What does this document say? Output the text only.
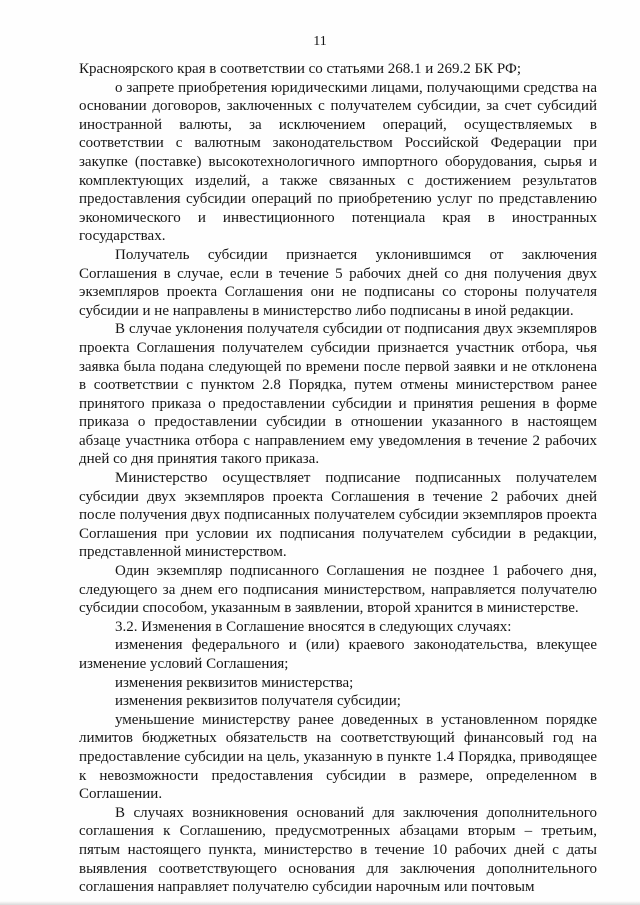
11

Красноярского края в соответствии со статьями 268.1 и 269.2 БК РФ;

о запрете приобретения юридическими лицами, получающими средства на основании договоров, заключенных с получателем субсидии, за счет субсидий иностранной валюты, за исключением операций, осуществляемых в соответствии с валютным законодательством Российской Федерации при закупке (поставке) высокотехнологичного импортного оборудования, сырья и комплектующих изделий, а также связанных с достижением результатов предоставления субсидии операций по приобретению услуг по представлению экономического и инвестиционного потенциала края в иностранных государствах.

Получатель субсидии признается уклонившимся от заключения Соглашения в случае, если в течение 5 рабочих дней со дня получения двух экземпляров проекта Соглашения они не подписаны со стороны получателя субсидии и не направлены в министерство либо подписаны в иной редакции.

В случае уклонения получателя субсидии от подписания двух экземпляров проекта Соглашения получателем субсидии признается участник отбора, чья заявка была подана следующей по времени после первой заявки и не отклонена в соответствии с пунктом 2.8 Порядка, путем отмены министерством ранее принятого приказа о предоставлении субсидии и принятия решения в форме приказа о предоставлении субсидии в отношении указанного в настоящем абзаце участника отбора с направлением ему уведомления в течение 2 рабочих дней со дня принятия такого приказа.

Министерство осуществляет подписание подписанных получателем субсидии двух экземпляров проекта Соглашения в течение 2 рабочих дней после получения двух подписанных получателем субсидии экземпляров проекта Соглашения при условии их подписания получателем субсидии в редакции, представленной министерством.

Один экземпляр подписанного Соглашения не позднее 1 рабочего дня, следующего за днем его подписания министерством, направляется получателю субсидии способом, указанным в заявлении, второй хранится в министерстве.

3.2. Изменения в Соглашение вносятся в следующих случаях:

изменения федерального и (или) краевого законодательства, влекущее изменение условий Соглашения;

изменения реквизитов министерства;

изменения реквизитов получателя субсидии;

уменьшение министерству ранее доведенных в установленном порядке лимитов бюджетных обязательств на соответствующий финансовый год на предоставление субсидии на цель, указанную в пункте 1.4 Порядка, приводящее к невозможности предоставления субсидии в размере, определенном в Соглашении.

В случаях возникновения оснований для заключения дополнительного соглашения к Соглашению, предусмотренных абзацами вторым – третьим, пятым настоящего пункта, министерство в течение 10 рабочих дней с даты выявления соответствующего основания для заключения дополнительного соглашения направляет получателю субсидии нарочным или почтовым
